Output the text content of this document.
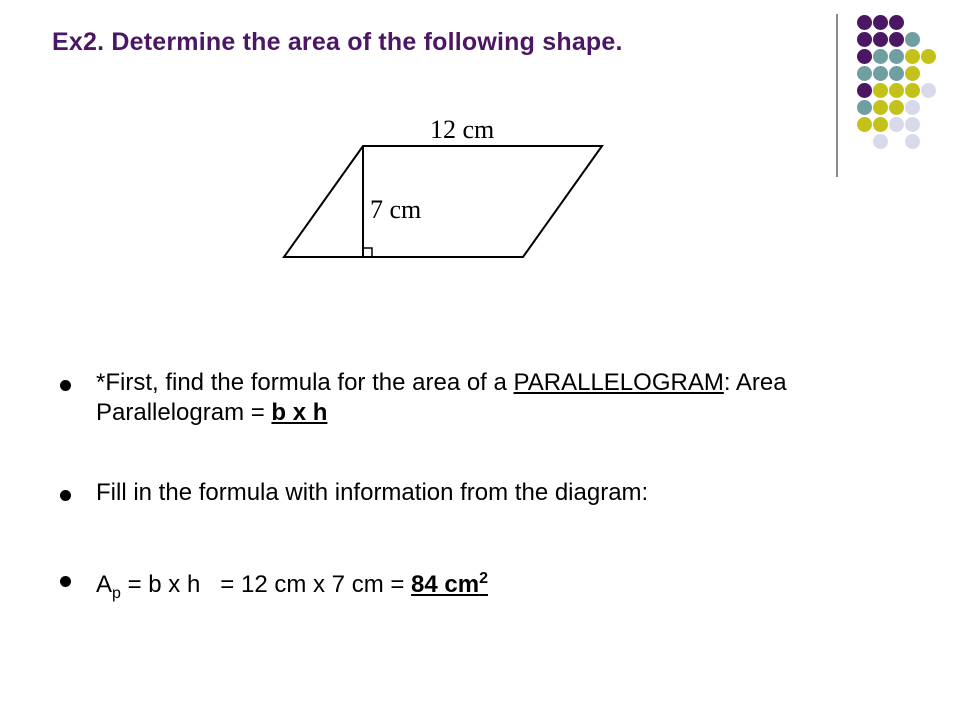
Ex2. Determine the area of the following shape.
12 cm
7 cm
*First, find the formula for the area of a PARALLELOGRAM: Area Parallelogram = b x h
Fill in the formula with information from the diagram:
$A_p = b$ x h   = 12 cm x 7 cm = 84 $cm^2$
